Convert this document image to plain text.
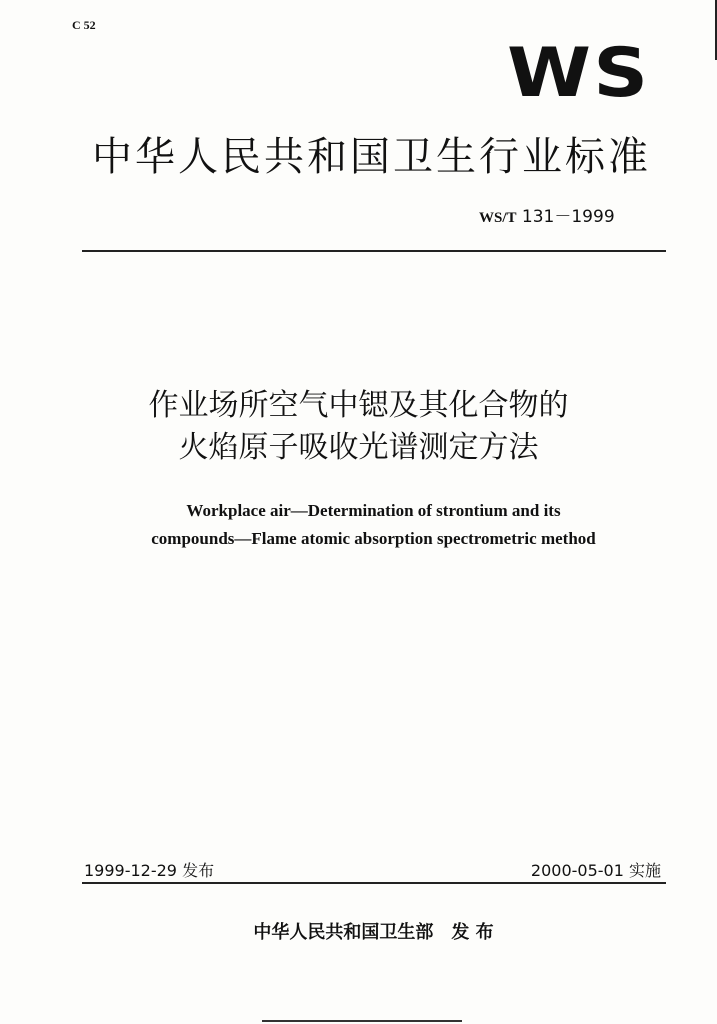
C 52
WS
中华人民共和国卫生行业标准
WS/T 131－1999
作业场所空气中锶及其化合物的
火焰原子吸收光谱测定方法
Workplace air—Determination of strontium and its
compounds—Flame atomic absorption spectrometric method
1999-12-29 发布	2000-05-01 实施
中华人民共和国卫生部　发 布
